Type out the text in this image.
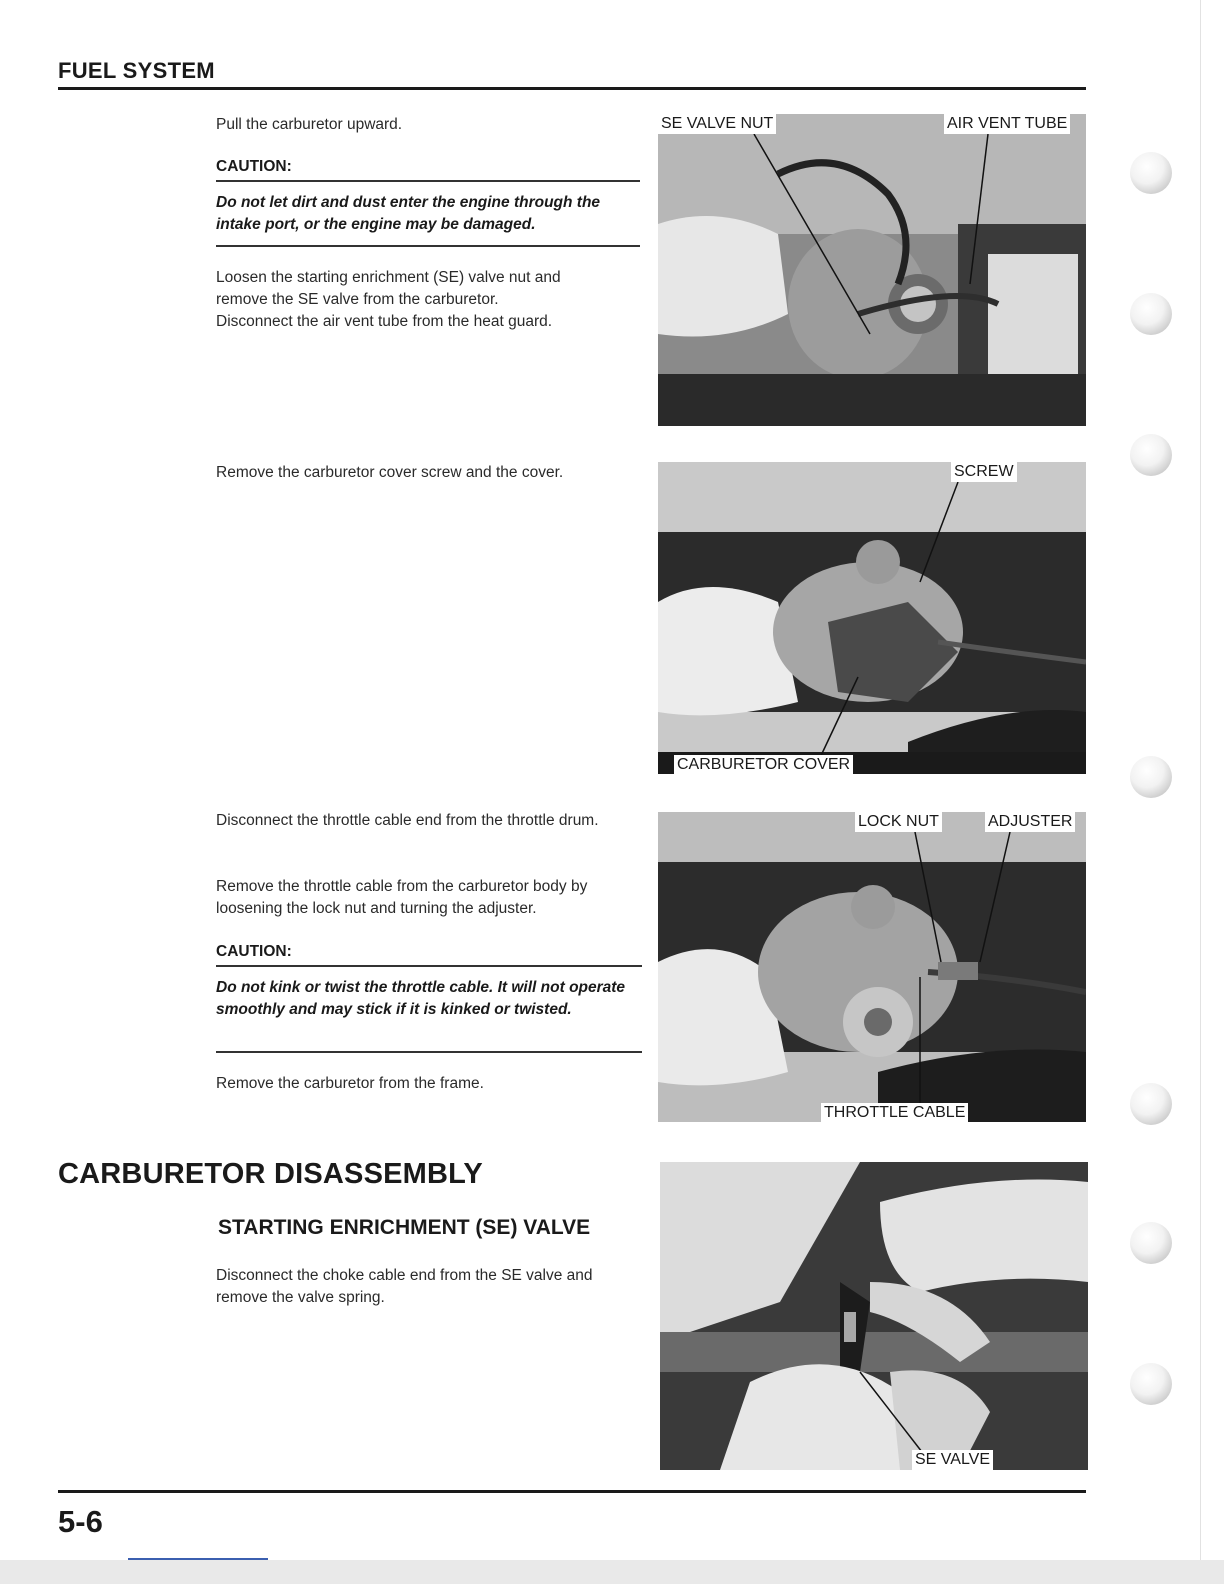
FUEL SYSTEM
Pull the carburetor upward.
CAUTION:
Do not let dirt and dust enter the engine through the intake port, or the engine may be damaged.
Loosen the starting enrichment (SE) valve nut and
remove the SE valve from the carburetor.
Disconnect the air vent tube from the heat guard.
SE VALVE NUT	AIR VENT TUBE
Remove the carburetor cover screw and the cover.	SCREW
CARBURETOR COVER
Disconnect the throttle cable end from the throttle drum.
Remove the throttle cable from the carburetor body by loosening the lock nut and turning the adjuster.
CAUTION:
Do not kink or twist the throttle cable. It will not operate smoothly and may stick if it is kinked or twisted.
Remove the carburetor from the frame.
LOCK NUT	ADJUSTER
THROTTLE CABLE
CARBURETOR DISASSEMBLY
STARTING ENRICHMENT (SE) VALVE
Disconnect the choke cable end from the SE valve and remove the valve spring.
SE VALVE
5-6
